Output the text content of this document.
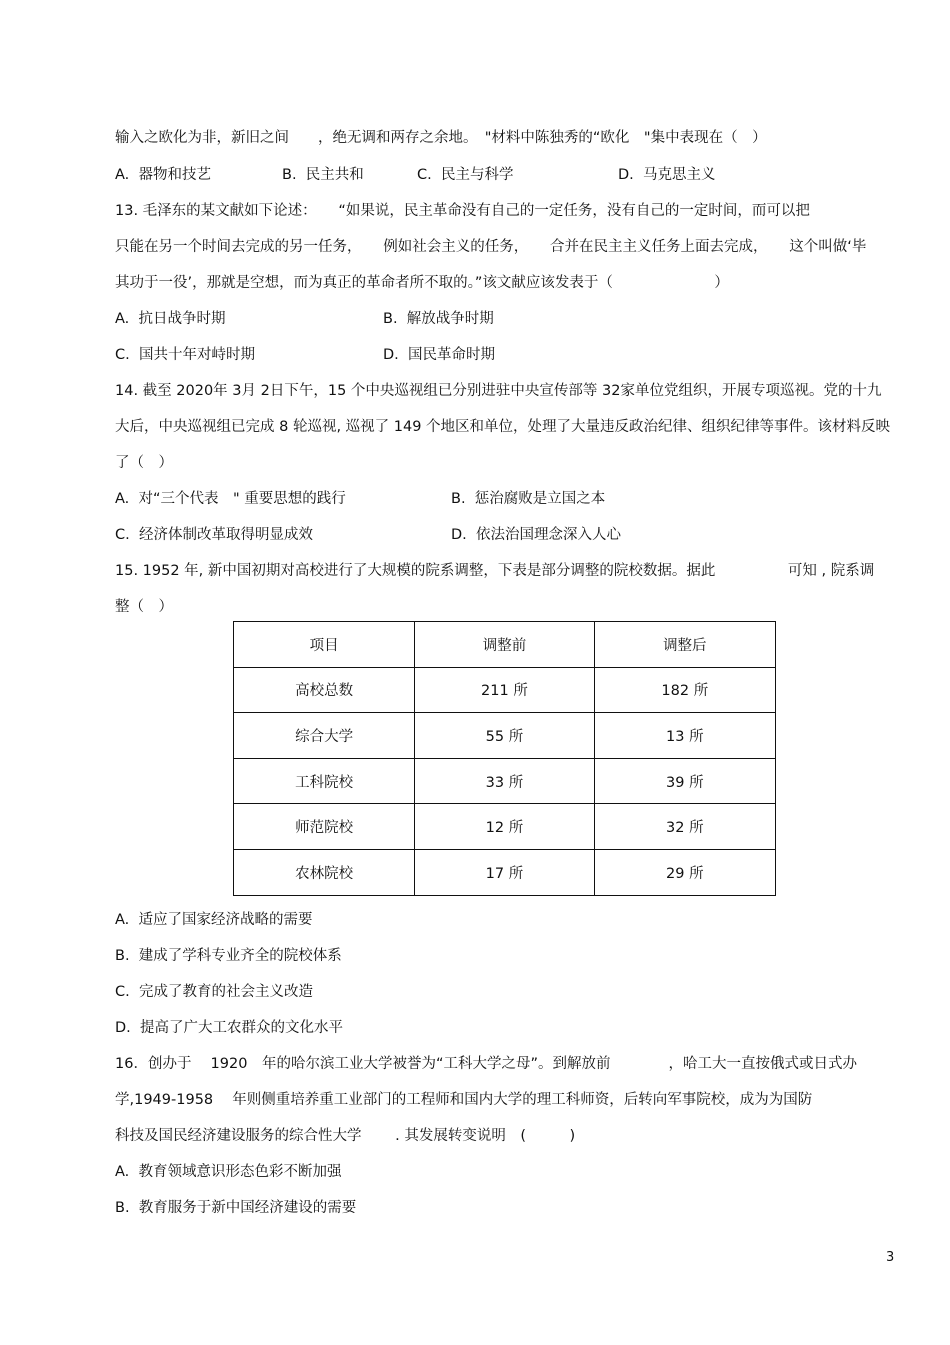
输入之欧化为非，新旧之间　　，绝无调和两存之余地。　"材料中陈独秀的“欧化　"集中表现在（　）
A. 器物和技艺	B. 民主共和	C. 民主与科学	D. 马克思主义
13. 毛泽东的某文献如下论述：　　“如果说，民主革命没有自己的一定任务，没有自己的一定时间，而可以把
只能在另一个时间去完成的另一任务，　　例如社会主义的任务，　　合并在民主主义任务上面去完成，　　这个叫做‘毕
其功于一役’，那就是空想，而为真正的革命者所不取的。”该文献应该发表于（　　　　　　　）
A. 抗日战争时期	B. 解放战争时期
C. 国共十年对峙时期	D. 国民革命时期
14. 截至 2020年 3月 2日下午，15 个中央巡视组已分别进驻中央宣传部等 32家单位党组织，开展专项巡视。党的十九
大后，中央巡视组已完成 8 轮巡视, 巡视了 149 个地区和单位，处理了大量违反政治纪律、组织纪律等事件。该材料反映
了（　）
A. 对“三个代表　" 重要思想的践行	B. 惩治腐败是立国之本
C. 经济体制改革取得明显成效	D. 依法治国理念深入人心
15. 1952 年, 新中国初期对高校进行了大规模的院系调整，下表是部分调整的院校数据。据此　　　　　可知 , 院系调
整（　）
项目	调整前	调整后
高校总数	211 所	182 所
综合大学	55 所	13 所
工科院校	33 所	39 所
师范院校	12 所	32 所
农林院校	17 所	29 所
A. 适应了国家经济战略的需要
B. 建成了学科专业齐全的院校体系
C. 完成了教育的社会主义改造
D. 提高了广大工农群众的文化水平
16．创办于　 1920　年的哈尔滨工业大学被誉为“工科大学之母”。到解放前　　　　，哈工大一直按俄式或日式办
学,1949-1958　 年则侧重培养重工业部门的工程师和国内大学的理工科师资，后转向军事院校，成为为国防
科技及国民经济建设服务的综合性大学　　 . 其发展转变说明　(　　　)
A. 教育领域意识形态色彩不断加强
B. 教育服务于新中国经济建设的需要
3
